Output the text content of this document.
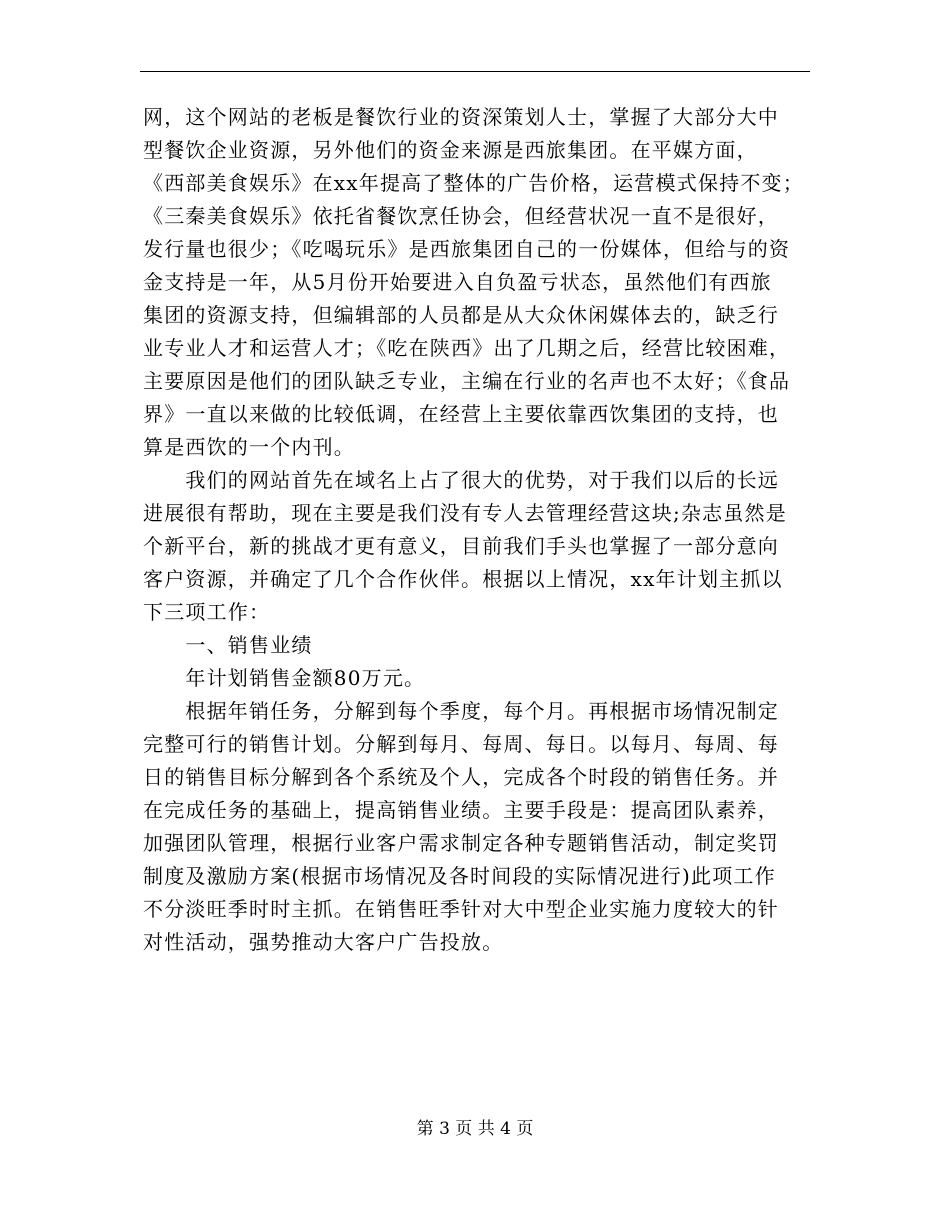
网，这个网站的老板是餐饮行业的资深策划人士，掌握了大部分大中
型餐饮企业资源，另外他们的资金来源是西旅集团。在平媒方面，
《西部美食娱乐》在xx年提高了整体的广告价格，运营模式保持不变；
《三秦美食娱乐》依托省餐饮烹任协会，但经营状况一直不是很好，
发行量也很少；《吃喝玩乐》是西旅集团自己的一份媒体，但给与的资
金支持是一年，从5月份开始要进入自负盈亏状态，虽然他们有西旅
集团的资源支持，但编辑部的人员都是从大众休闲媒体去的，缺乏行
业专业人才和运营人才；《吃在陕西》出了几期之后，经营比较困难，
主要原因是他们的团队缺乏专业，主编在行业的名声也不太好；《食品
界》一直以来做的比较低调，在经营上主要依靠西饮集团的支持，也
算是西饮的一个内刊。
　　我们的网站首先在域名上占了很大的优势，对于我们以后的长远
进展很有帮助，现在主要是我们没有专人去管理经营这块;杂志虽然是
个新平台，新的挑战才更有意义，目前我们手头也掌握了一部分意向
客户资源，并确定了几个合作伙伴。根据以上情况，xx年计划主抓以
下三项工作：
　　一、销售业绩
　　年计划销售金额80万元。
　　根据年销任务，分解到每个季度，每个月。再根据市场情况制定
完整可行的销售计划。分解到每月、每周、每日。以每月、每周、每
日的销售目标分解到各个系统及个人，完成各个时段的销售任务。并
在完成任务的基础上，提高销售业绩。主要手段是：提高团队素养，
加强团队管理，根据行业客户需求制定各种专题销售活动，制定奖罚
制度及激励方案(根据市场情况及各时间段的实际情况进行)此项工作
不分淡旺季时时主抓。在销售旺季针对大中型企业实施力度较大的针
对性活动，强势推动大客户广告投放。
第 3 页 共 4 页
